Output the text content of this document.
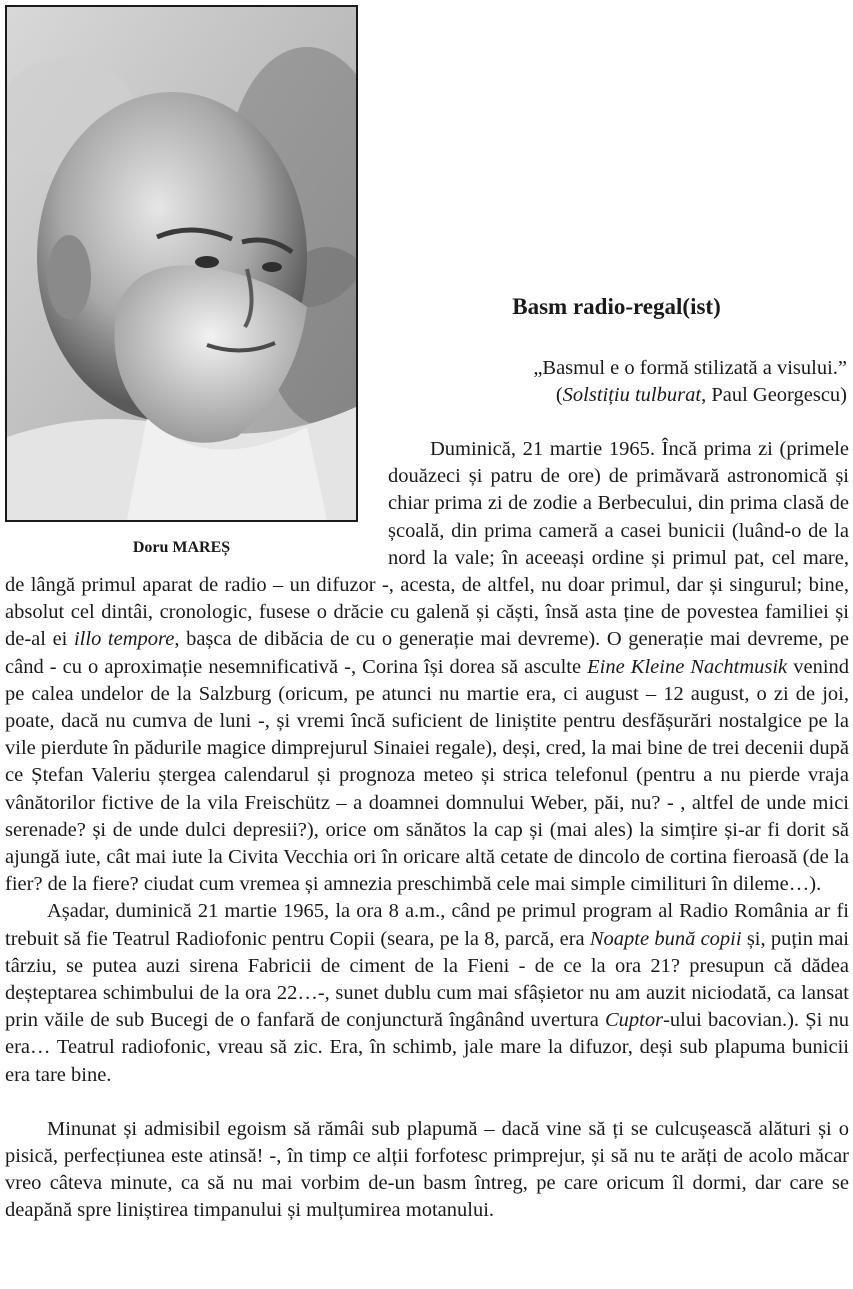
Doru MAREȘ
Basm radio-regal(ist)
„Basmul e o formă stilizată a visului.”
(Solstițiu tulburat, Paul Georgescu)

Duminică, 21 martie 1965. Încă prima zi (primele douăzeci și patru de ore) de primăvară astronomică și chiar prima zi de zodie a Berbecului, din prima clasă de școală, din prima cameră a casei bunicii (luând-o de la nord la vale; în aceeași ordine și primul pat, cel mare, de lângă primul aparat de radio – un difuzor -, acesta, de altfel, nu doar primul, dar și singurul; bine, absolut cel dintâi, cronologic, fusese o drăcie cu galenă și căști, însă asta ține de povestea familiei și de-al ei illo tempore, bașca de dibăcia de cu o generație mai devreme). O generație mai devreme, pe când - cu o aproximație nesemnificativă -, Corina își dorea să asculte Eine Kleine Nachtmusik venind pe calea undelor de la Salzburg (oricum, pe atunci nu martie era, ci august – 12 august, o zi de joi, poate, dacă nu cumva de luni -, și vremi încă suficient de liniștite pentru desfășurări nostalgice pe la vile pierdute în pădurile magice dimprejurul Sinaiei regale), deși, cred, la mai bine de trei decenii după ce Ștefan Valeriu ștergea calendarul și prognoza meteo și strica telefonul (pentru a nu pierde vraja vânătorilor fictive de la vila Freischütz – a doamnei domnului Weber, păi, nu? - , altfel de unde mici serenade? și de unde dulci depresii?), orice om sănătos la cap și (mai ales) la simțire și-ar fi dorit să ajungă iute, cât mai iute la Civita Vecchia ori în oricare altă cetate de dincolo de cortina fieroasă (de la fier? de la fiere? ciudat cum vremea și amnezia preschimbă cele mai simple cimilituri în dileme…).

Așadar, duminică 21 martie 1965, la ora 8 a.m., când pe primul program al Radio România ar fi trebuit să fie Teatrul Radiofonic pentru Copii (seara, pe la 8, parcă, era Noapte bună copii și, puțin mai târziu, se putea auzi sirena Fabricii de ciment de la Fieni - de ce la ora 21? presupun că dădea deșteptarea schimbului de la ora 22…-, sunet dublu cum mai sfâșietor nu am auzit niciodată, ca lansat prin văile de sub Bucegi de o fanfară de conjunctură îngânând uvertura Cuptor-ului bacovian.). Și nu era… Teatrul radiofonic, vreau să zic. Era, în schimb, jale mare la difuzor, deși sub plapuma bunicii era tare bine.

Minunat și admisibil egoism să rămâi sub plapumă – dacă vine să ți se culcușească alături și o pisică, perfecțiunea este atinsă! -, în timp ce alții forfotesc primprejur, și să nu te arăți de acolo măcar vreo câteva minute, ca să nu mai vorbim de-un basm întreg, pe care oricum îl dormi, dar care se deapănă spre liniștirea timpanului și mulțumirea motanului.
